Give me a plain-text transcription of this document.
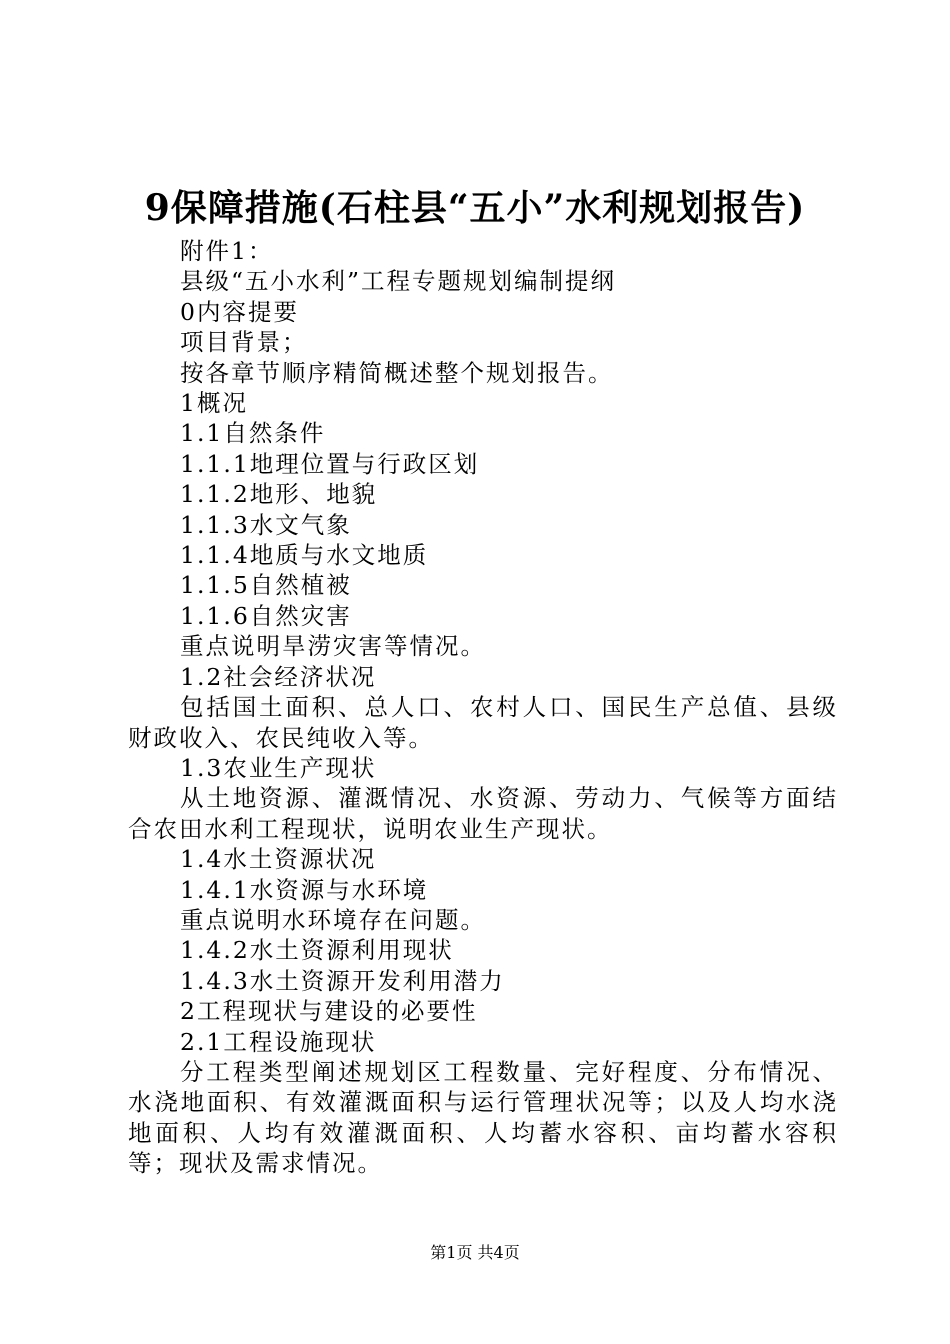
9保障措施(石柱县“五小”水利规划报告)

附件1：

县级“五小水利”工程专题规划编制提纲

0内容提要

项目背景；

按各章节顺序精简概述整个规划报告。

1概况

1.1自然条件

1.1.1地理位置与行政区划

1.1.2地形、地貌

1.1.3水文气象

1.1.4地质与水文地质

1.1.5自然植被

1.1.6自然灾害

重点说明旱涝灾害等情况。

1.2社会经济状况

包括国土面积、总人口、农村人口、国民生产总值、县级财政收入、农民纯收入等。

1.3农业生产现状

从土地资源、灌溉情况、水资源、劳动力、气候等方面结合农田水利工程现状，说明农业生产现状。

1.4水土资源状况

1.4.1水资源与水环境

重点说明水环境存在问题。

1.4.2水土资源利用现状

1.4.3水土资源开发利用潜力

2工程现状与建设的必要性

2.1工程设施现状

分工程类型阐述规划区工程数量、完好程度、分布情况、水浇地面积、有效灌溉面积与运行管理状况等；以及人均水浇地面积、人均有效灌溉面积、人均蓄水容积、亩均蓄水容积等；现状及需求情况。

第1页 共4页
